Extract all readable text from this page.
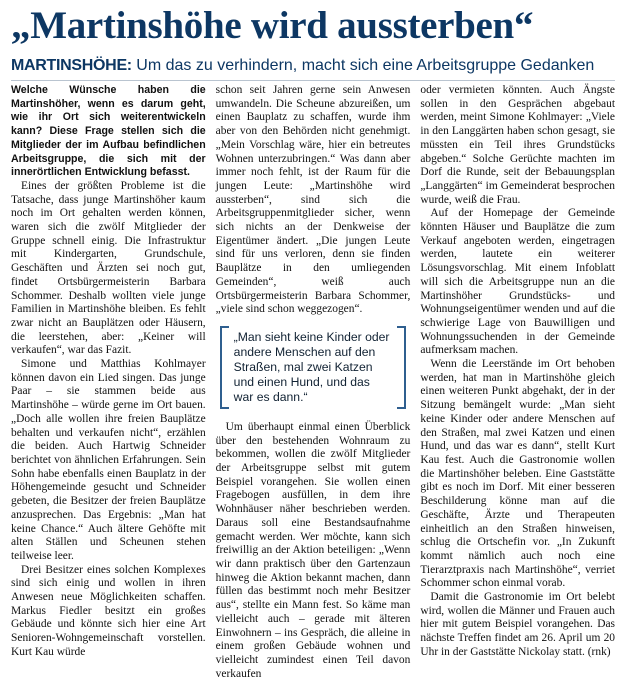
„Martinshöhe wird aussterben“
MARTINSHÖHE: Um das zu verhindern, macht sich eine Arbeitsgruppe Gedanken

Welche Wünsche haben die Martinshöher, wenn es darum geht, wie ihr Ort sich weiterentwickeln kann? Diese Frage stellen sich die Mitglieder der im Aufbau befindlichen Arbeitsgruppe, die sich mit der innerörtlichen Entwicklung befasst.

Eines der größten Probleme ist die Tatsache, dass junge Martinshöher kaum noch im Ort gehalten werden können, waren sich die zwölf Mitglieder der Gruppe schnell einig. Die Infrastruktur mit Kindergarten, Grundschule, Geschäften und Ärzten sei noch gut, findet Ortsbürgermeisterin Barbara Schommer. Deshalb wollten viele junge Familien in Martinshöhe bleiben. Es fehlt zwar nicht an Bauplätzen oder Häusern, die leerstehen, aber: „Keiner will verkaufen“, war das Fazit.

Simone und Matthias Kohlmayer können davon ein Lied singen. Das junge Paar – sie stammen beide aus Martinshöhe – würde gerne im Ort bauen. „Doch alle wollen ihre freien Bauplätze behalten und verkaufen nicht“, erzählen die beiden. Auch Hartwig Schneider berichtet von ähnlichen Erfahrungen. Sein Sohn habe ebenfalls einen Bauplatz in der Höhengemeinde gesucht und Schneider gebeten, die Besitzer der freien Bauplätze anzusprechen. Das Ergebnis: „Man hat keine Chance.“ Auch ältere Gehöfte mit alten Ställen und Scheunen stehen teilweise leer.

Drei Besitzer eines solchen Komplexes sind sich einig und wollen in ihren Anwesen neue Möglichkeiten schaffen. Markus Fiedler besitzt ein großes Gebäude und könnte sich hier eine Art Senioren-Wohngemeinschaft vorstellen. Kurt Kau würde

schon seit Jahren gerne sein Anwesen umwandeln. Die Scheune abzureißen, um einen Bauplatz zu schaffen, wurde ihm aber von den Behörden nicht genehmigt. „Mein Vorschlag wäre, hier ein betreutes Wohnen unterzubringen.“ Was dann aber immer noch fehlt, ist der Raum für die jungen Leute: „Martinshöhe wird aussterben“, sind sich die Arbeitsgruppenmitglieder sicher, wenn sich nichts an der Denkweise der Eigentümer ändert. „Die jungen Leute sind für uns verloren, denn sie finden Bauplätze in den umliegenden Gemeinden“, weiß auch Ortsbürgermeisterin Barbara Schommer, „viele sind schon weggezogen“.

„Man sieht keine Kinder oder andere Menschen auf den Straßen, mal zwei Katzen und einen Hund, und das war es dann.“

Um überhaupt einmal einen Überblick über den bestehenden Wohnraum zu bekommen, wollen die zwölf Mitglieder der Arbeitsgruppe selbst mit gutem Beispiel vorangehen. Sie wollen einen Fragebogen ausfüllen, in dem ihre Wohnhäuser näher beschrieben werden. Daraus soll eine Bestandsaufnahme gemacht werden. Wer möchte, kann sich freiwillig an der Aktion beteiligen: „Wenn wir dann praktisch über den Gartenzaun hinweg die Aktion bekannt machen, dann füllen das bestimmt noch mehr Besitzer aus“, stellte ein Mann fest. So käme man vielleicht auch – gerade mit älteren Einwohnern – ins Gespräch, die alleine in einem großen Gebäude wohnen und vielleicht zumindest einen Teil davon verkaufen

oder vermieten könnten. Auch Ängste sollen in den Gesprächen abgebaut werden, meint Simone Kohlmayer: „Viele in den Langgärten haben schon gesagt, sie müssten ein Teil ihres Grundstücks abgeben.“ Solche Gerüchte machten im Dorf die Runde, seit der Bebauungsplan „Langgärten“ im Gemeinderat besprochen wurde, weiß die Frau.

Auf der Homepage der Gemeinde könnten Häuser und Bauplätze die zum Verkauf angeboten werden, eingetragen werden, lautete ein weiterer Lösungsvorschlag. Mit einem Infoblatt will sich die Arbeitsgruppe nun an die Martinshöher Grundstücks- und Wohnungseigentümer wenden und auf die schwierige Lage von Bauwilligen und Wohnungssuchenden in der Gemeinde aufmerksam machen.

Wenn die Leerstände im Ort behoben werden, hat man in Martinshöhe gleich einen weiteren Punkt abgehakt, der in der Sitzung bemängelt wurde: „Man sieht keine Kinder oder andere Menschen auf den Straßen, mal zwei Katzen und einen Hund, und das war es dann“, stellt Kurt Kau fest. Auch die Gastronomie wollen die Martinshöher beleben. Eine Gaststätte gibt es noch im Dorf. Mit einer besseren Beschilderung könne man auf die Geschäfte, Ärzte und Therapeuten einheitlich an den Straßen hinweisen, schlug die Ortschefin vor. „In Zukunft kommt nämlich auch noch eine Tierarztpraxis nach Martinshöhe“, verriet Schommer schon einmal vorab.

Damit die Gastronomie im Ort belebt wird, wollen die Männer und Frauen auch hier mit gutem Beispiel vorangehen. Das nächste Treffen findet am 26. April um 20 Uhr in der Gaststätte Nickolay statt. (rnk)
